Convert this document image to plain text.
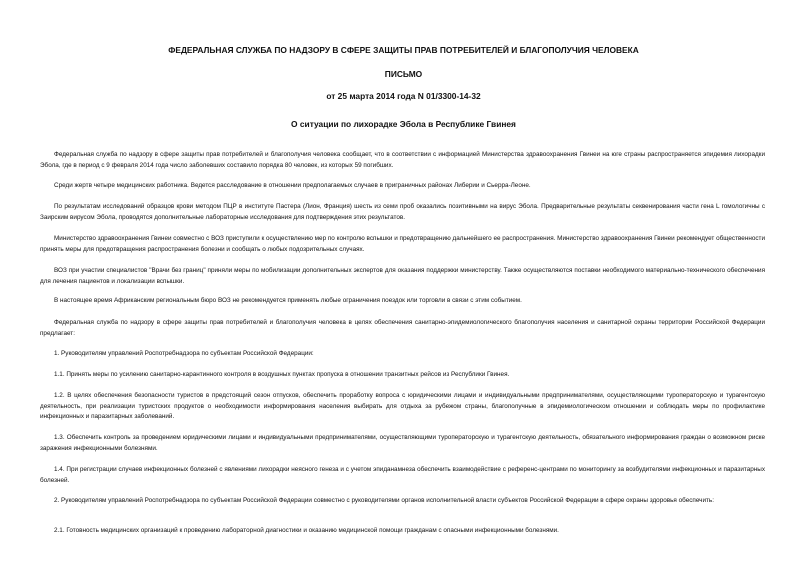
ФЕДЕРАЛЬНАЯ СЛУЖБА ПО НАДЗОРУ В СФЕРЕ ЗАЩИТЫ ПРАВ ПОТРЕБИТЕЛЕЙ И БЛАГОПОЛУЧИЯ ЧЕЛОВЕКА
ПИСЬМО
от 25 марта 2014 года N 01/3300-14-32
О ситуации по лихорадке Эбола в Республике Гвинея

Федеральная служба по надзору в сфере защиты прав потребителей и благополучия человека сообщает, что в соответствии с информацией Министерства здравоохранения Гвинеи на юге страны распространяется эпидемия лихорадки Эбола, где в период с 9 февраля 2014 года число заболевших составило порядка 80 человек, из которых 59 погибших.

Среди жертв четыре медицинских работника. Ведется расследование в отношении предполагаемых случаев в приграничных районах Либерии и Сьерра-Леоне.

По результатам исследований образцов крови методом ПЦР в институте Пастера (Лион, Франция) шесть из семи проб оказались позитивными на вирус Эбола. Предварительные результаты секвенирования части гена L гомологичны с Заирским вирусом Эбола, проводятся дополнительные лабораторные исследования для подтверждения этих результатов.

Министерство здравоохранения Гвинеи совместно с ВОЗ приступили к осуществлению мер по контролю вспышки и предотвращению дальнейшего ее распространения. Министерство здравоохранения Гвинеи рекомендует общественности принять меры для предотвращения распространения болезни и сообщать о любых подозрительных случаях.

ВОЗ при участии специалистов "Врачи без границ" приняли меры по мобилизации дополнительных экспертов для оказания поддержки министерству. Также осуществляются поставки необходимого материально-технического обеспечения для лечения пациентов и локализации вспышки.

В настоящее время Африканским региональным бюро ВОЗ не рекомендуется применять любые ограничения поездок или торговли в связи с этим событием.

Федеральная служба по надзору в сфере защиты прав потребителей и благополучия человека в целях обеспечения санитарно-эпидемиологического благополучия населения и санитарной охраны территории Российской Федерации предлагает:

1. Руководителям управлений Роспотребнадзора по субъектам Российской Федерации:

1.1. Принять меры по усилению санитарно-карантинного контроля в воздушных пунктах пропуска в отношении транзитных рейсов из Республики Гвинея.

1.2. В целях обеспечения безопасности туристов в предстоящий сезон отпусков, обеспечить проработку вопроса с юридическими лицами и индивидуальными предпринимателями, осуществляющими туроператорскую и турагентскую деятельность, при реализации туристских продуктов о необходимости информирования населения выбирать для отдыха за рубежом страны, благополучные в эпидемиологическом отношении и соблюдать меры по профилактике инфекционных и паразитарных заболеваний.

1.3. Обеспечить контроль за проведением юридическими лицами и индивидуальными предпринимателями, осуществляющими туроператорскую и турагентскую деятельность, обязательного информирования граждан о возможном риске заражения инфекционными болезнями.

1.4. При регистрации случаев инфекционных болезней с явлениями лихорадки неясного генеза и с учетом эпиданамнеза обеспечить взаимодействие с референс-центрами по мониторингу за возбудителями инфекционных и паразитарных болезней.

2. Руководителям управлений Роспотребнадзора по субъектам Российской Федерации совместно с руководителями органов исполнительной власти субъектов Российской Федерации в сфере охраны здоровья обеспечить:

2.1. Готовность медицинских организаций к проведению лабораторной диагностики и оказанию медицинской помощи гражданам с опасными инфекционными болезнями.
